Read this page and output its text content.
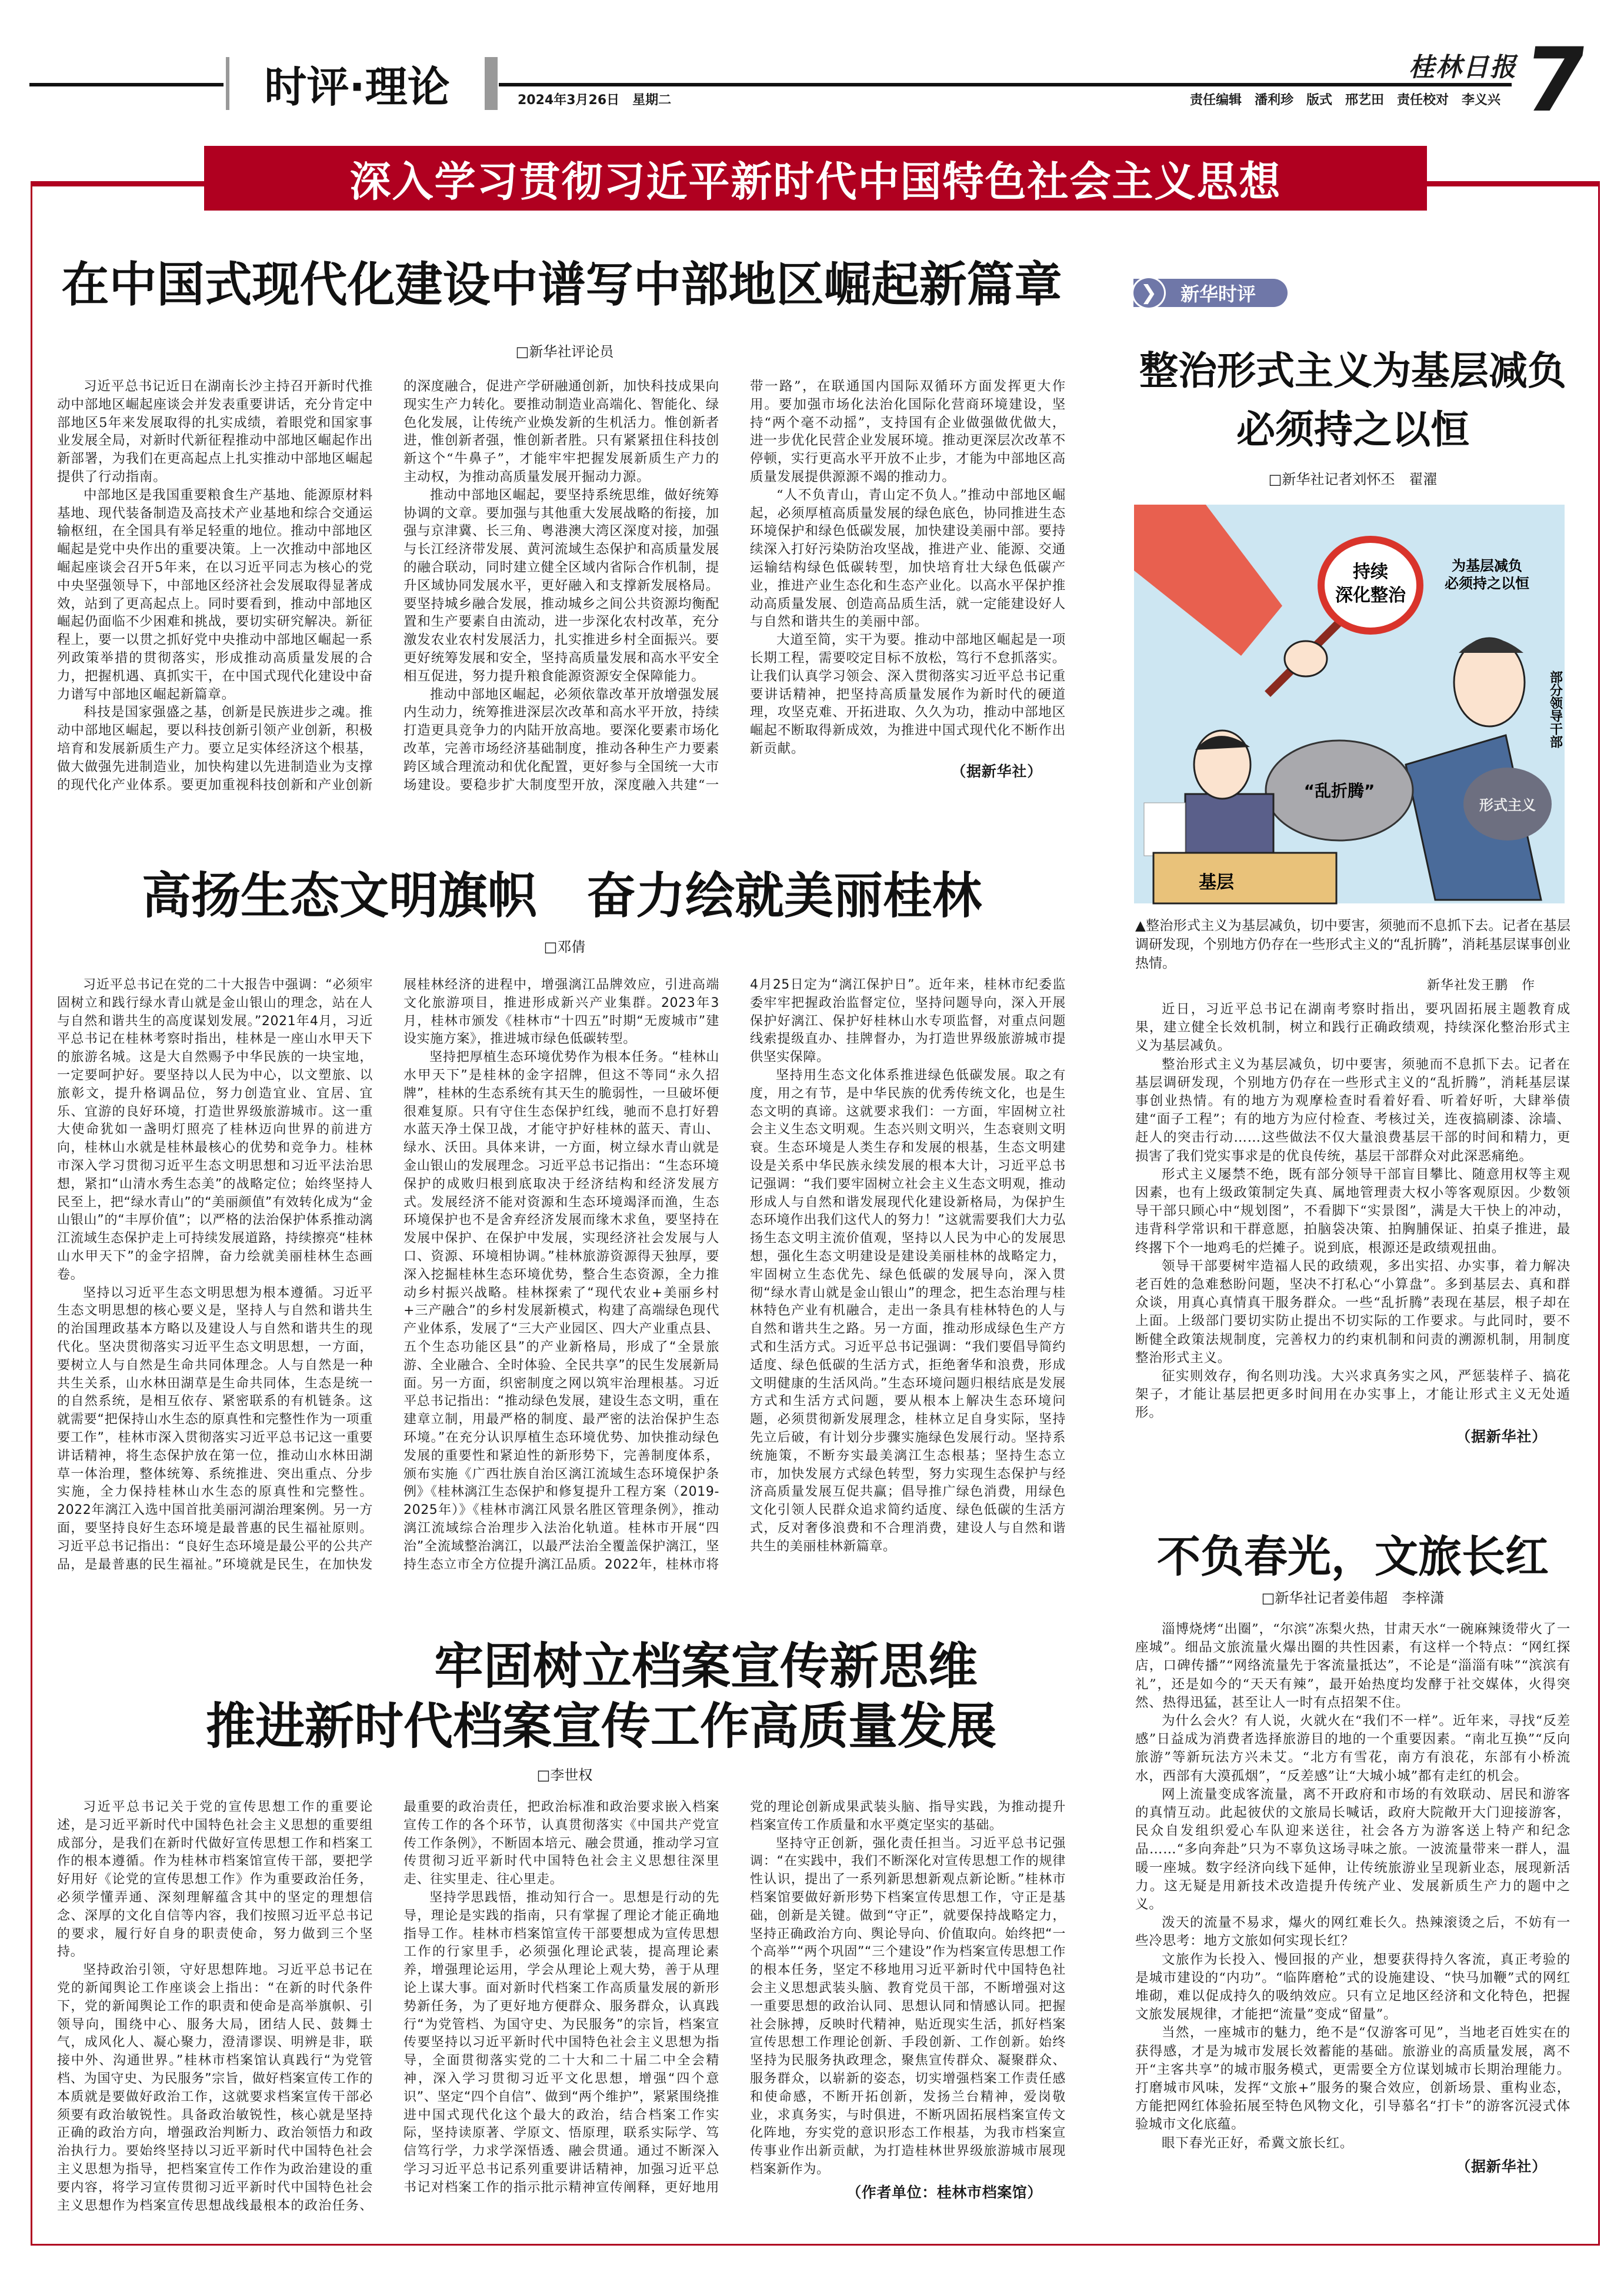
时评·理论	2024年3月26日　星期二	责任编辑　潘利珍　版式　邢艺田　责任校对　李义兴
桂林日报 7
深入学习贯彻习近平新时代中国特色社会主义思想
在中国式现代化建设中谱写中部地区崛起新篇章
□新华社评论员

习近平总书记近日在湖南长沙主持召开新时代推动中部地区崛起座谈会并发表重要讲话，充分肯定中部地区5年来发展取得的扎实成绩，着眼党和国家事业发展全局，对新时代新征程推动中部地区崛起作出新部署，为我们在更高起点上扎实推动中部地区崛起提供了行动指南。

中部地区是我国重要粮食生产基地、能源原材料基地、现代装备制造及高技术产业基地和综合交通运输枢纽，在全国具有举足轻重的地位。推动中部地区崛起是党中央作出的重要决策。上一次推动中部地区崛起座谈会召开5年来，在以习近平同志为核心的党中央坚强领导下，中部地区经济社会发展取得显著成效，站到了更高起点上。同时要看到，推动中部地区崛起仍面临不少困难和挑战，要切实研究解决。新征程上，要一以贯之抓好党中央推动中部地区崛起一系列政策举措的贯彻落实，形成推动高质量发展的合力，把握机遇、真抓实干，在中国式现代化建设中奋力谱写中部地区崛起新篇章。

科技是国家强盛之基，创新是民族进步之魂。推动中部地区崛起，要以科技创新引领产业创新，积极培育和发展新质生产力。要立足实体经济这个根基，做大做强先进制造业，加快构建以先进制造业为支撑的现代化产业体系。要更加重视科技创新和产业创新的深度融合，促进产学研融通创新，加快科技成果向现实生产力转化。要推动制造业高端化、智能化、绿色化发展，让传统产业焕发新的生机活力。惟创新者进，惟创新者强，惟创新者胜。只有紧紧扭住科技创新这个“牛鼻子”，才能牢牢把握发展新质生产力的主动权，为推动高质量发展开掘动力源。

推动中部地区崛起，要坚持系统思维，做好统筹协调的文章。要加强与其他重大发展战略的衔接，加强与京津冀、长三角、粤港澳大湾区深度对接，加强与长江经济带发展、黄河流域生态保护和高质量发展的融合联动，同时建立健全区域内省际合作机制，提升区域协同发展水平，更好融入和支撑新发展格局。要坚持城乡融合发展，推动城乡之间公共资源均衡配置和生产要素自由流动，进一步深化农村改革，充分激发农业农村发展活力，扎实推进乡村全面振兴。要更好统筹发展和安全，坚持高质量发展和高水平安全相互促进，努力提升粮食能源资源安全保障能力。

推动中部地区崛起，必须依靠改革开放增强发展内生动力，统筹推进深层次改革和高水平开放，持续打造更具竞争力的内陆开放高地。要深化要素市场化改革，完善市场经济基础制度，推动各种生产力要素跨区域合理流动和优化配置，更好参与全国统一大市场建设。要稳步扩大制度型开放，深度融入共建“一带一路”，在联通国内国际双循环方面发挥更大作用。要加强市场化法治化国际化营商环境建设，坚持“两个毫不动摇”，支持国有企业做强做优做大，进一步优化民营企业发展环境。推动更深层次改革不停顿，实行更高水平开放不止步，才能为中部地区高质量发展提供源源不竭的推动力。

“人不负青山，青山定不负人。”推动中部地区崛起，必须厚植高质量发展的绿色底色，协同推进生态环境保护和绿色低碳发展，加快建设美丽中部。要持续深入打好污染防治攻坚战，推进产业、能源、交通运输结构绿色低碳转型，加快培育壮大绿色低碳产业，推进产业生态化和生态产业化。以高水平保护推动高质量发展、创造高品质生活，就一定能建设好人与自然和谐共生的美丽中部。

大道至简，实干为要。推动中部地区崛起是一项长期工程，需要咬定目标不放松，笃行不怠抓落实。让我们认真学习领会、深入贯彻落实习近平总书记重要讲话精神，把坚持高质量发展作为新时代的硬道理，攻坚克难、开拓进取、久久为功，推动中部地区崛起不断取得新成效，为推进中国式现代化不断作出新贡献。

（据新华社）

高扬生态文明旗帜　奋力绘就美丽桂林
□邓倩

习近平总书记在党的二十大报告中强调：“必须牢固树立和践行绿水青山就是金山银山的理念，站在人与自然和谐共生的高度谋划发展。”2021年4月，习近平总书记在桂林考察时指出，桂林是一座山水甲天下的旅游名城。这是大自然赐予中华民族的一块宝地，一定要呵护好。要坚持以人民为中心，以文塑旅、以旅彰文，提升格调品位，努力创造宜业、宜居、宜乐、宜游的良好环境，打造世界级旅游城市。这一重大使命犹如一盏明灯照亮了桂林迈向世界的前进方向，桂林山水就是桂林最核心的优势和竞争力。桂林市深入学习贯彻习近平生态文明思想和习近平法治思想，紧扣“山清水秀生态美”的战略定位；始终坚持人民至上，把“绿水青山”的“美丽颜值”有效转化成为“金山银山”的“丰厚价值”；以严格的法治保护体系推动漓江流域生态保护走上可持续发展道路，持续擦亮“桂林山水甲天下”的金字招牌，奋力绘就美丽桂林生态画卷。

坚持以习近平生态文明思想为根本遵循。习近平生态文明思想的核心要义是，坚持人与自然和谐共生的治国理政基本方略以及建设人与自然和谐共生的现代化。坚决贯彻落实习近平生态文明思想，一方面，要树立人与自然是生命共同体理念。人与自然是一种共生关系，山水林田湖草是生命共同体，生态是统一的自然系统，是相互依存、紧密联系的有机链条。这就需要“把保持山水生态的原真性和完整性作为一项重要工作”，桂林市深入贯彻落实习近平总书记这一重要讲话精神，将生态保护放在第一位，推动山水林田湖草一体治理，整体统筹、系统推进、突出重点、分步实施，全力保持桂林山水生态的原真性和完整性。2022年漓江入选中国首批美丽河湖治理案例。另一方面，要坚持良好生态环境是最普惠的民生福祉原则。习近平总书记指出：“良好生态环境是最公平的公共产品，是最普惠的民生福祉。”环境就是民生，在加快发展桂林经济的进程中，增强漓江品牌效应，引进高端文化旅游项目，推进形成新兴产业集群。2023年3月，桂林市颁发《桂林市“十四五”时期“无废城市”建设实施方案》，推进城市绿色低碳转型。

坚持把厚植生态环境优势作为根本任务。“桂林山水甲天下”是桂林的金字招牌，但这不等同“永久招牌”，桂林的生态系统有其天生的脆弱性，一旦破坏便很难复原。只有守住生态保护红线，驰而不息打好碧水蓝天净土保卫战，才能守护好桂林的蓝天、青山、绿水、沃田。具体来讲，一方面，树立绿水青山就是金山银山的发展理念。习近平总书记指出：“生态环境保护的成败归根到底取决于经济结构和经济发展方式。发展经济不能对资源和生态环境竭泽而渔，生态环境保护也不是舍弃经济发展而缘木求鱼，要坚持在发展中保护、在保护中发展，实现经济社会发展与人口、资源、环境相协调。”桂林旅游资源得天独厚，要深入挖掘桂林生态环境优势，整合生态资源，全力推动乡村振兴战略。桂林探索了“现代农业+美丽乡村+三产融合”的乡村发展新模式，构建了高端绿色现代产业体系，发展了“三大产业园区、四大产业重点县、五个生态功能区县”的产业新格局，形成了“全景旅游、全业融合、全时体验、全民共享”的民生发展新局面。另一方面，织密制度之网以筑牢治理根基。习近平总书记指出：“推动绿色发展，建设生态文明，重在建章立制，用最严格的制度、最严密的法治保护生态环境。”在充分认识厚植生态环境优势、加快推动绿色发展的重要性和紧迫性的新形势下，完善制度体系，颁布实施《广西壮族自治区漓江流域生态环境保护条例》《桂林漓江生态保护和修复提升工程方案（2019-2025年）》《桂林市漓江风景名胜区管理条例》，推动漓江流域综合治理步入法治化轨道。桂林市开展“四治”全流域整治漓江，以最严法治全覆盖保护漓江，坚持生态立市全方位提升漓江品质。2022年，桂林市将4月25日定为“漓江保护日”。近年来，桂林市纪委监委牢牢把握政治监督定位，坚持问题导向，深入开展保护好漓江、保护好桂林山水专项监督，对重点问题线索提级直办、挂牌督办，为打造世界级旅游城市提供坚实保障。

坚持用生态文化体系推进绿色低碳发展。取之有度，用之有节，是中华民族的优秀传统文化，也是生态文明的真谛。这就要求我们：一方面，牢固树立社会主义生态文明观。生态兴则文明兴，生态衰则文明衰。生态环境是人类生存和发展的根基，生态文明建设是关系中华民族永续发展的根本大计，习近平总书记强调：“我们要牢固树立社会主义生态文明观，推动形成人与自然和谐发展现代化建设新格局，为保护生态环境作出我们这代人的努力！”这就需要我们大力弘扬生态文明主流价值观，坚持以人民为中心的发展思想，强化生态文明建设是建设美丽桂林的战略定力，牢固树立生态优先、绿色低碳的发展导向，深入贯彻“绿水青山就是金山银山”的理念，把生态治理与桂林特色产业有机融合，走出一条具有桂林特色的人与自然和谐共生之路。另一方面，推动形成绿色生产方式和生活方式。习近平总书记强调：“我们要倡导简约适度、绿色低碳的生活方式，拒绝奢华和浪费，形成文明健康的生活风尚。”生态环境问题归根结底是发展方式和生活方式问题，要从根本上解决生态环境问题，必须贯彻新发展理念，桂林立足自身实际，坚持先立后破，有计划分步骤实施绿色发展行动。坚持系统施策，不断夯实最美漓江生态根基；坚持生态立市，加快发展方式绿色转型，努力实现生态保护与经济高质量发展互促共赢；倡导推广绿色消费，用绿色文化引领人民群众追求简约适度、绿色低碳的生活方式，反对奢侈浪费和不合理消费，建设人与自然和谐共生的美丽桂林新篇章。

牢固树立档案宣传新思维
推进新时代档案宣传工作高质量发展
□李世权

习近平总书记关于党的宣传思想工作的重要论述，是习近平新时代中国特色社会主义思想的重要组成部分，是我们在新时代做好宣传思想工作和档案工作的根本遵循。作为桂林市档案馆宣传干部，要把学好用好《论党的宣传思想工作》作为重要政治任务，必须学懂弄通、深刻理解蕴含其中的坚定的理想信念、深厚的文化自信等内容，我们按照习近平总书记的要求，履行好自身的职责使命，努力做到三个坚持。

坚持政治引领，守好思想阵地。习近平总书记在党的新闻舆论工作座谈会上指出：“在新的时代条件下，党的新闻舆论工作的职责和使命是高举旗帜、引领导向，围绕中心、服务大局，团结人民、鼓舞士气，成风化人、凝心聚力，澄清谬误、明辨是非，联接中外、沟通世界。”桂林市档案馆认真践行“为党管档、为国守史、为民服务”宗旨，做好档案宣传工作的本质就是要做好政治工作，这就要求档案宣传干部必须要有政治敏锐性。具备政治敏锐性，核心就是坚持正确的政治方向，增强政治判断力、政治领悟力和政治执行力。要始终坚持以习近平新时代中国特色社会主义思想为指导，把档案宣传工作作为政治建设的重要内容，将学习宣传贯彻习近平新时代中国特色社会主义思想作为档案宣传思想战线最根本的政治任务、最重要的政治责任，把政治标准和政治要求嵌入档案宣传工作的各个环节，认真贯彻落实《中国共产党宣传工作条例》，不断固本培元、融会贯通，推动学习宣传贯彻习近平新时代中国特色社会主义思想往深里走、往实里走、往心里走。

坚持学思践悟，推动知行合一。思想是行动的先导，理论是实践的指南，只有掌握了理论才能正确地指导工作。桂林市档案馆宣传干部要想成为宣传思想工作的行家里手，必须强化理论武装，提高理论素养，增强理论运用，学会从理论上观大势，善于从理论上谋大事。面对新时代档案工作高质量发展的新形势新任务，为了更好地方便群众、服务群众，认真践行“为党管档、为国守史、为民服务”的宗旨，档案宣传要坚持以习近平新时代中国特色社会主义思想为指导，全面贯彻落实党的二十大和二十届二中全会精神，深入学习贯彻习近平文化思想，增强“四个意识”、坚定“四个自信”、做到“两个维护”，紧紧围绕推进中国式现代化这个最大的政治，结合档案工作实际，坚持读原著、学原文、悟原理，联系实际学、笃信笃行学，力求学深悟透、融会贯通。通过不断深入学习习近平总书记系列重要讲话精神，加强习近平总书记对档案工作的指示批示精神宣传阐释，更好地用党的理论创新成果武装头脑、指导实践，为推动提升档案宣传工作质量和水平奠定坚实的基础。

坚持守正创新，强化责任担当。习近平总书记强调：“在实践中，我们不断深化对宣传思想工作的规律性认识，提出了一系列新思想新观点新论断。”桂林市档案馆要做好新形势下档案宣传思想工作，守正是基础，创新是关键。做到“守正”，就要保持战略定力，坚持正确政治方向、舆论导向、价值取向。始终把“一个高举”“两个巩固”“三个建设”作为档案宣传思想工作的根本任务，坚定不移地用习近平新时代中国特色社会主义思想武装头脑、教育党员干部，不断增强对这一重要思想的政治认同、思想认同和情感认同。把握社会脉搏，反映时代精神，贴近现实生活，抓好档案宣传思想工作理论创新、手段创新、工作创新。始终坚持为民服务执政理念，聚焦宣传群众、凝聚群众、服务群众，以崭新的姿态，切实增强档案工作责任感和使命感，不断开拓创新，发扬兰台精神，爱岗敬业，求真务实，与时俱进，不断巩固拓展档案宣传文化阵地，夯实党的意识形态工作根基，为我市档案宣传事业作出新贡献，为打造桂林世界级旅游城市展现档案新作为。

（作者单位：桂林市档案馆）

新华时评
❯
整治形式主义为基层减负
必须持之以恒
□新华社记者刘怀丕　翟濯
持续
深化整治
为基层减负
必须持之以恒
部分领导干部
“乱折腾”
形式主义
基层
▲整治形式主义为基层减负，切中要害，须驰而不息抓下去。记者在基层调研发现，个别地方仍存在一些形式主义的“乱折腾”，消耗基层谋事创业热情。
新华社发王鹏　作

近日，习近平总书记在湖南考察时指出，要巩固拓展主题教育成果，建立健全长效机制，树立和践行正确政绩观，持续深化整治形式主义为基层减负。

整治形式主义为基层减负，切中要害，须驰而不息抓下去。记者在基层调研发现，个别地方仍存在一些形式主义的“乱折腾”，消耗基层谋事创业热情。有的地方为观摩检查时看着好看、听着好听，大肆举债建“面子工程”；有的地方为应付检查、考核过关，连夜搞刷漆、涂墙、赶人的突击行动……这些做法不仅大量浪费基层干部的时间和精力，更损害了我们党实事求是的优良传统，基层干部群众对此深恶痛绝。

形式主义屡禁不绝，既有部分领导干部盲目攀比、随意用权等主观因素，也有上级政策制定失真、属地管理责大权小等客观原因。少数领导干部只顾心中“规划图”，不看脚下“实景图”，满是大干快上的冲动，违背科学常识和干群意愿，拍脑袋决策、拍胸脯保证、拍桌子推进，最终撂下个一地鸡毛的烂摊子。说到底，根源还是政绩观扭曲。

领导干部要树牢造福人民的政绩观，多出实招、办实事，着力解决老百姓的急难愁盼问题，坚决不打私心“小算盘”。多到基层去、真和群众谈，用真心真情真干服务群众。一些“乱折腾”表现在基层，根子却在上面。上级部门要切实防止提出不切实际的工作要求。与此同时，要不断健全政策法规制度，完善权力的约束机制和问责的溯源机制，用制度整治形式主义。

征实则效存，徇名则功浅。大兴求真务实之风，严惩装样子、搞花架子，才能让基层把更多时间用在办实事上，才能让形式主义无处遁形。

（据新华社）

不负春光，文旅长红
□新华社记者姜伟超　李梓潇

淄博烧烤“出圈”，“尔滨”冻梨火热，甘肃天水“一碗麻辣烫带火了一座城”。细品文旅流量火爆出圈的共性因素，有这样一个特点：“网红探店，口碑传播”“网络流量先于客流量抵达”，不论是“淄淄有味”“滨滨有礼”，还是如今的“天天有辣”，最开始热度均发酵于社交媒体，火得突然、热得迅猛，甚至让人一时有点招架不住。

为什么会火？有人说，火就火在“我们不一样”。近年来，寻找“反差感”日益成为消费者选择旅游目的地的一个重要因素。“南北互换”“反向旅游”等新玩法方兴未艾。“北方有雪花，南方有浪花，东部有小桥流水，西部有大漠孤烟”，“反差感”让“大城小城”都有走红的机会。

网上流量变成客流量，离不开政府和市场的有效联动、居民和游客的真情互动。此起彼伏的文旅局长喊话，政府大院敞开大门迎接游客，民众自发组织爱心车队迎来送往，社会各方为游客送上特产和纪念品……“多向奔赴”只为不辜负这场寻味之旅。一波流量带来一群人，温暖一座城。数字经济向线下延伸，让传统旅游业呈现新业态，展现新活力。这无疑是用新技术改造提升传统产业、发展新质生产力的题中之义。

泼天的流量不易求，爆火的网红难长久。热辣滚烫之后，不妨有一些冷思考：地方文旅如何实现长红？

文旅作为长投入、慢回报的产业，想要获得持久客流，真正考验的是城市建设的“内功”。“临阵磨枪”式的设施建设、“快马加鞭”式的网红堆砌，难以促成持久的吸纳效应。只有立足地区经济和文化特色，把握文旅发展规律，才能把“流量”变成“留量”。

当然，一座城市的魅力，绝不是“仅游客可见”，当地老百姓实在的获得感，才是为城市发展长效蓄能的基础。旅游业的高质量发展，离不开“主客共享”的城市服务模式，更需要全方位谋划城市长期治理能力。打磨城市风味，发挥“文旅+”服务的聚合效应，创新场景、重构业态，方能把网红体验拓展至特色风物文化，引导慕名“打卡”的游客沉浸式体验城市文化底蕴。

眼下春光正好，希冀文旅长红。

（据新华社）
